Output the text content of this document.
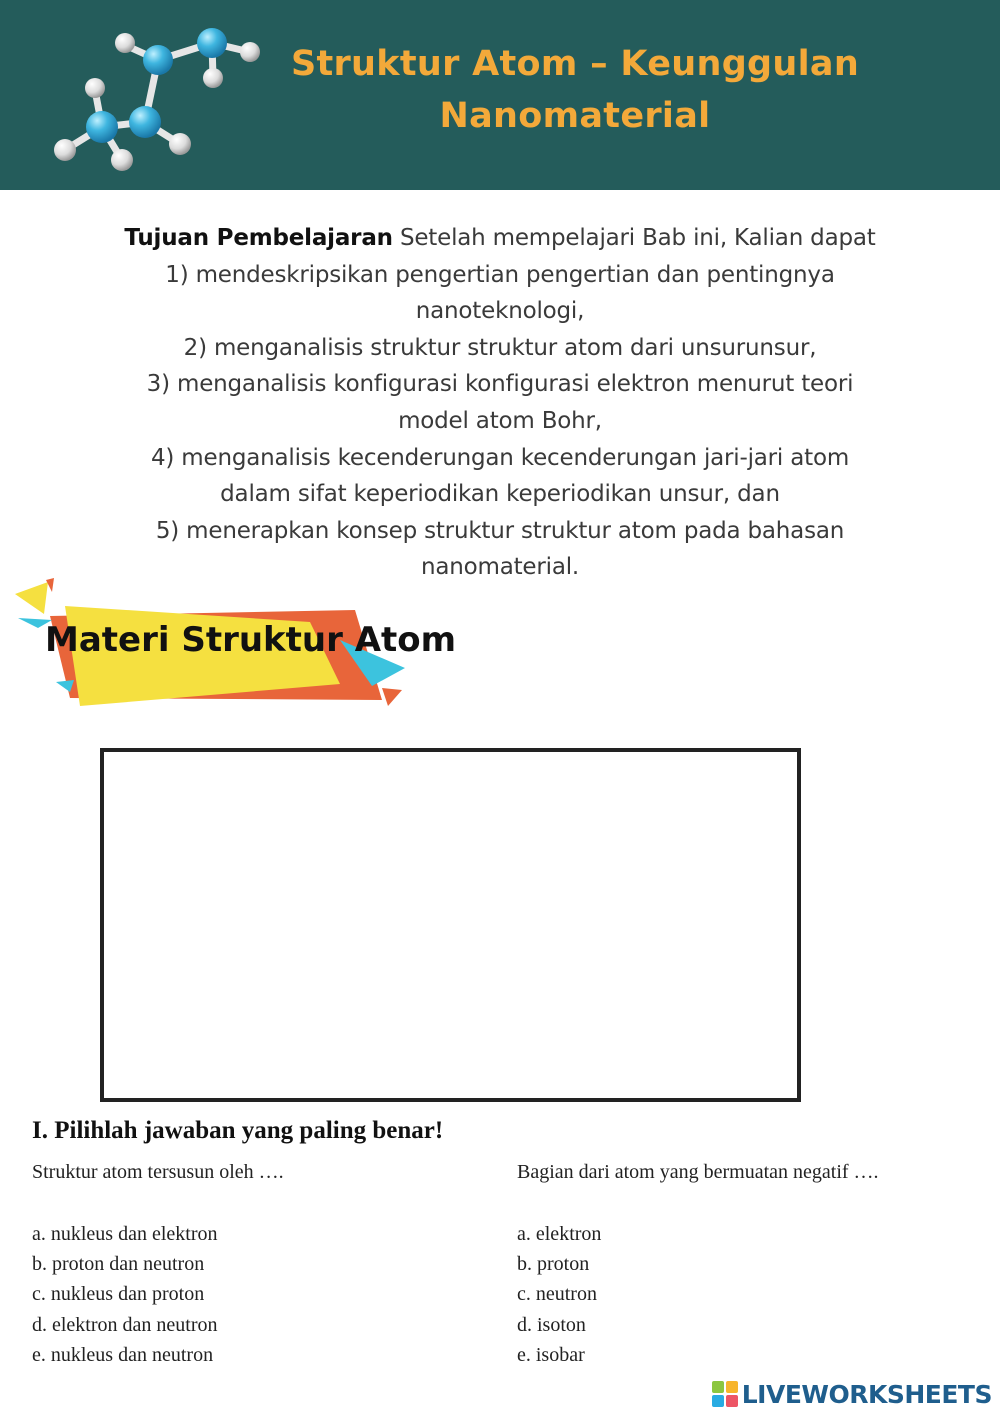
Struktur Atom – Keunggulan
Nanomaterial
Tujuan Pembelajaran Setelah mempelajari Bab ini, Kalian dapat
1) mendeskripsikan pengertian pengertian dan pentingnya
nanoteknologi,
2) menganalisis struktur struktur atom dari unsurunsur,
3) menganalisis konfigurasi konfigurasi elektron menurut teori
model atom Bohr,
4) menganalisis kecenderungan kecenderungan jari-jari atom
dalam sifat keperiodikan keperiodikan unsur, dan
5) menerapkan konsep struktur struktur atom pada bahasan
nanomaterial.
Materi Struktur Atom
I. Pilihlah jawaban yang paling benar!
Struktur atom tersusun oleh ….
a. nukleus dan elektron
b. proton dan neutron
c. nukleus dan proton
d. elektron dan neutron
e. nukleus dan neutron
Bagian dari atom yang bermuatan negatif ….
a. elektron
b. proton
c. neutron
d. isoton
e. isobar
LIVEWORKSHEETS
